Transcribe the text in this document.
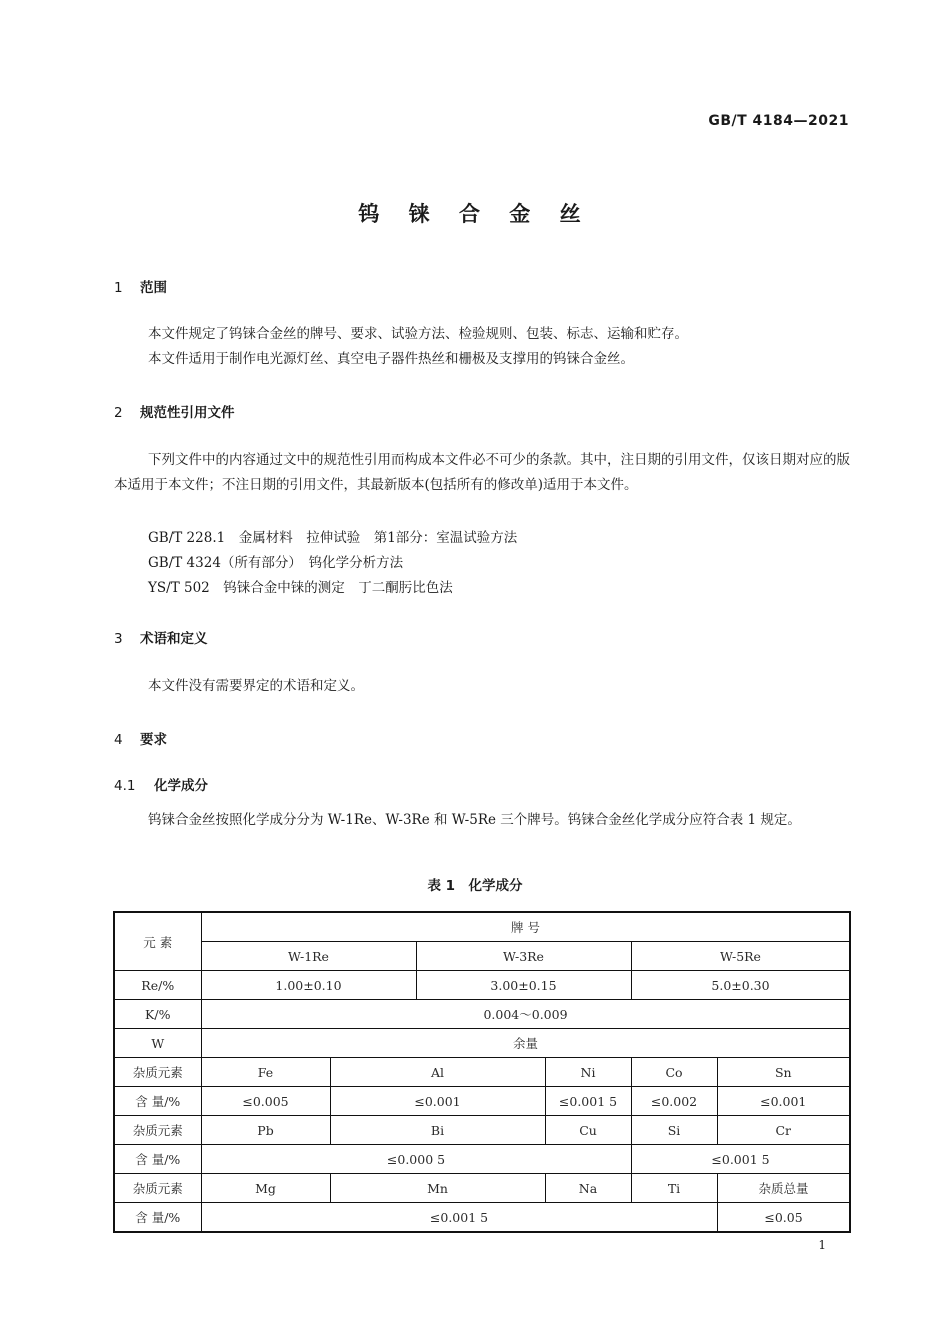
GB/T 4184—2021
钨 铼 合 金 丝
1 范围
本文件规定了钨铼合金丝的牌号、要求、试验方法、检验规则、包装、标志、运输和贮存。
本文件适用于制作电光源灯丝、真空电子器件热丝和栅极及支撑用的钨铼合金丝。
2 规范性引用文件
下列文件中的内容通过文中的规范性引用而构成本文件必不可少的条款。其中，注日期的引用文件，仅该日期对应的版本适用于本文件；不注日期的引用文件，其最新版本(包括所有的修改单)适用于本文件。
GB/T 228.1　金属材料　拉伸试验　第1部分：室温试验方法
GB/T 4324（所有部分）　钨化学分析方法
YS/T 502　钨铼合金中铼的测定　丁二酮肟比色法
3 术语和定义
本文件没有需要界定的术语和定义。
4 要求
4.1 化学成分
钨铼合金丝按照化学成分分为 W-1Re、W-3Re 和 W-5Re 三个牌号。钨铼合金丝化学成分应符合表 1 规定。
表 1　化学成分
元 素	牌 号					
	W-1Re		W-3Re		W-5Re	
Re/%	1.00±0.10		3.00±0.15		5.0±0.30	
K/%	0.004～0.009					
W	余量					
杂质元素	Fe	Al		Ni	Co	Sn
含 量/%	≤0.005	≤0.001		≤0.001 5	≤0.002	≤0.001
杂质元素	Pb	Bi		Cu	Si	Cr
含 量/%	≤0.000 5				≤0.001 5	
杂质元素	Mg	Mn		Na	Ti	杂质总量
含 量/%	≤0.001 5					≤0.05
1
